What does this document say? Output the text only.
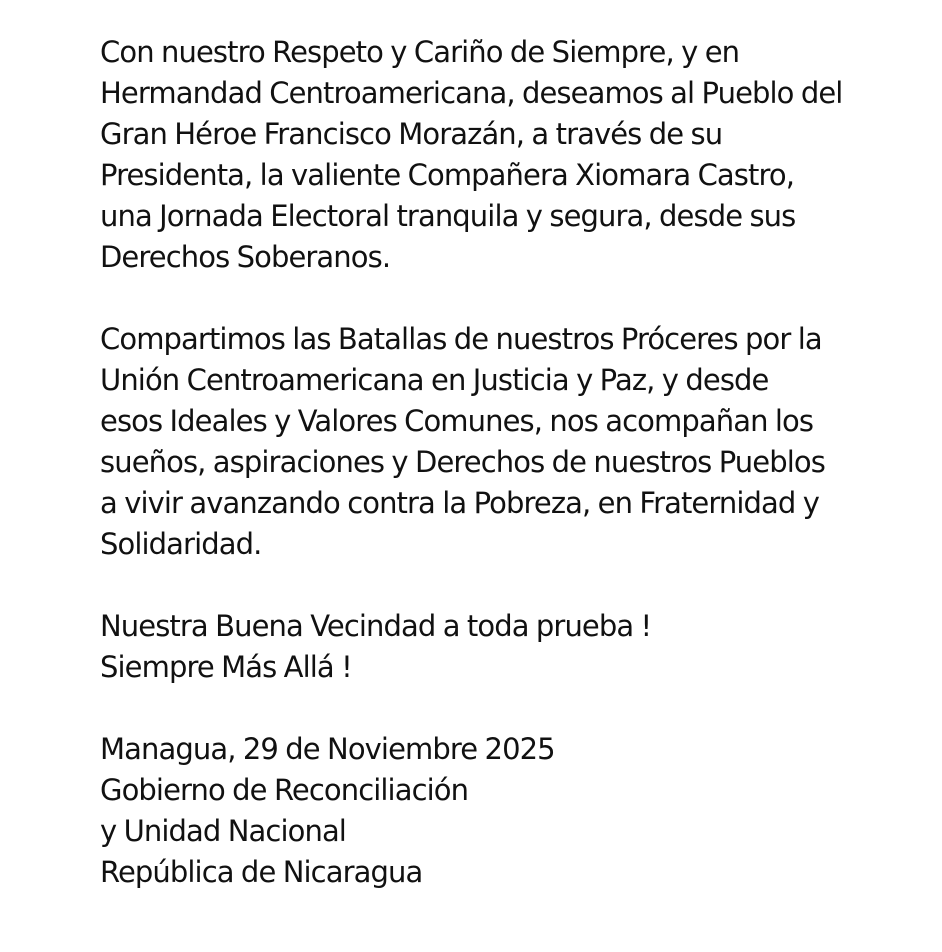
Con nuestro Respeto y Cariño de Siempre, y en
Hermandad Centroamericana, deseamos al Pueblo del
Gran Héroe Francisco Morazán, a través de su
Presidenta, la valiente Compañera Xiomara Castro,
una Jornada Electoral tranquila y segura, desde sus
Derechos Soberanos.

Compartimos las Batallas de nuestros Próceres por la
Unión Centroamericana en Justicia y Paz, y desde
esos Ideales y Valores Comunes, nos acompañan los
sueños, aspiraciones y Derechos de nuestros Pueblos
a vivir avanzando contra la Pobreza, en Fraternidad y
Solidaridad.

Nuestra Buena Vecindad a toda prueba !
Siempre Más Allá !

Managua, 29 de Noviembre 2025
Gobierno de Reconciliación
y Unidad Nacional
República de Nicaragua
